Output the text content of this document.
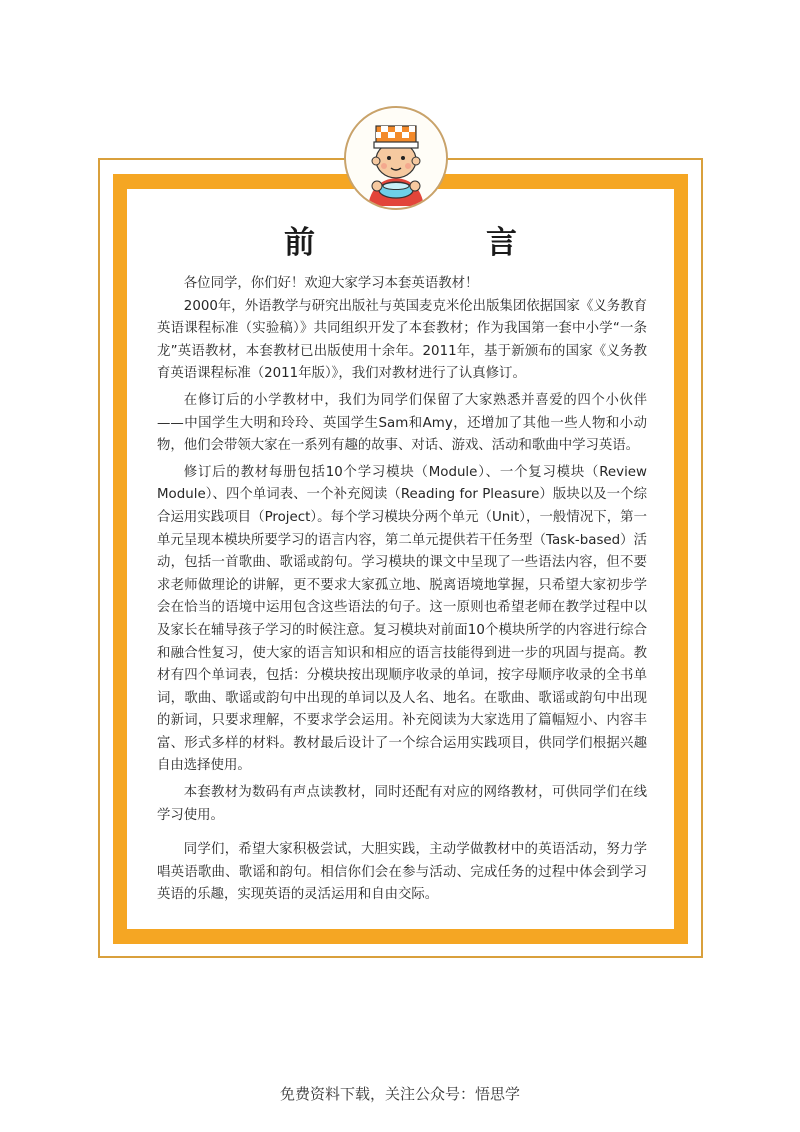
前　言

各位同学，你们好！欢迎大家学习本套英语教材！

2000年，外语教学与研究出版社与英国麦克米伦出版集团依据国家《义务教育英语课程标准（实验稿）》共同组织开发了本套教材；作为我国第一套中小学“一条龙”英语教材，本套教材已出版使用十余年。2011年，基于新颁布的国家《义务教育英语课程标准（2011年版）》，我们对教材进行了认真修订。

在修订后的小学教材中，我们为同学们保留了大家熟悉并喜爱的四个小伙伴——中国学生大明和玲玲、英国学生Sam和Amy，还增加了其他一些人物和小动物，他们会带领大家在一系列有趣的故事、对话、游戏、活动和歌曲中学习英语。

修订后的教材每册包括10个学习模块（Module）、一个复习模块（Review Module）、四个单词表、一个补充阅读（Reading for Pleasure）版块以及一个综合运用实践项目（Project）。每个学习模块分两个单元（Unit），一般情况下，第一单元呈现本模块所要学习的语言内容，第二单元提供若干任务型（Task-based）活动，包括一首歌曲、歌谣或韵句。学习模块的课文中呈现了一些语法内容，但不要求老师做理论的讲解，更不要求大家孤立地、脱离语境地掌握，只希望大家初步学会在恰当的语境中运用包含这些语法的句子。这一原则也希望老师在教学过程中以及家长在辅导孩子学习的时候注意。复习模块对前面10个模块所学的内容进行综合和融合性复习，使大家的语言知识和相应的语言技能得到进一步的巩固与提高。教材有四个单词表，包括：分模块按出现顺序收录的单词，按字母顺序收录的全书单词，歌曲、歌谣或韵句中出现的单词以及人名、地名。在歌曲、歌谣或韵句中出现的新词，只要求理解，不要求学会运用。补充阅读为大家选用了篇幅短小、内容丰富、形式多样的材料。教材最后设计了一个综合运用实践项目，供同学们根据兴趣自由选择使用。

本套教材为数码有声点读教材，同时还配有对应的网络教材，可供同学们在线学习使用。

同学们，希望大家积极尝试，大胆实践，主动学做教材中的英语活动，努力学唱英语歌曲、歌谣和韵句。相信你们会在参与活动、完成任务的过程中体会到学习英语的乐趣，实现英语的灵活运用和自由交际。

免费资料下载，关注公众号：悟思学
